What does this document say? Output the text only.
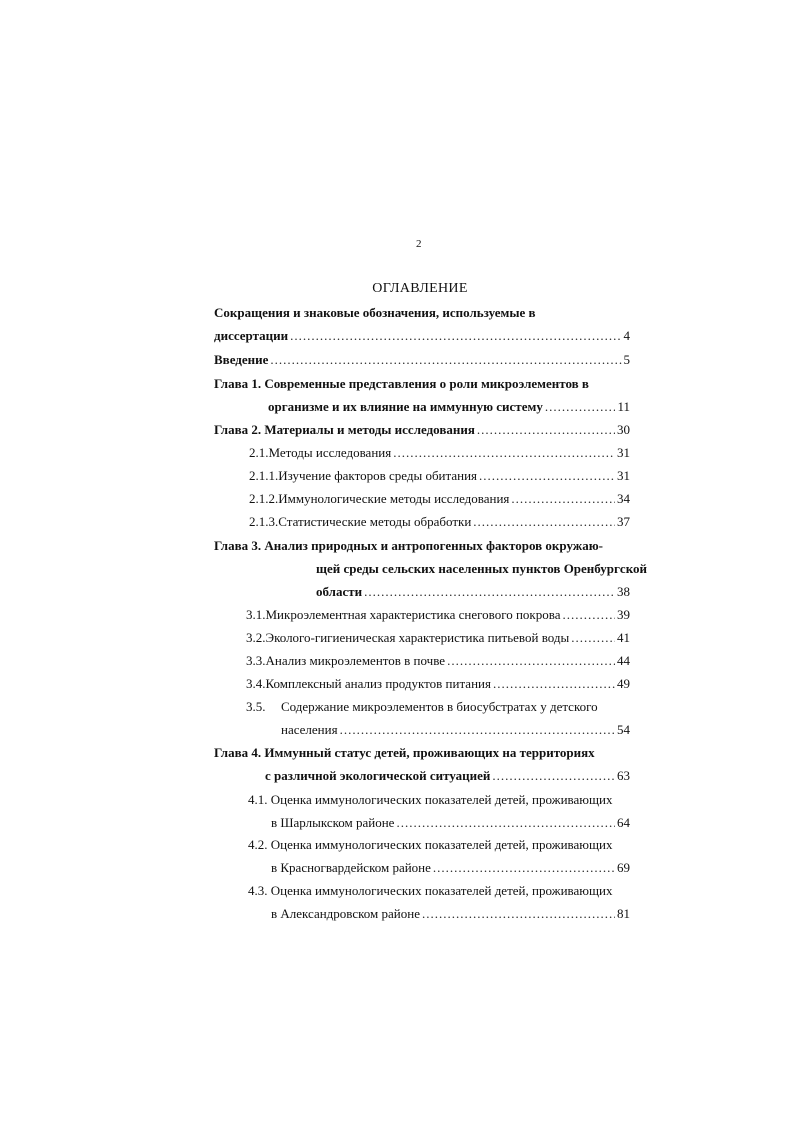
2
ОГЛАВЛЕНИЕ
Сокращения и знаковые обозначения, используемые в
диссертации .....	4
Введение .....	5
Глава 1. Современные представления о роли микроэлементов в
организме и их влияние на иммунную систему .....	11
Глава 2. Материалы и методы исследования .....	30
2.1. Методы исследования .....	31
2.1.1. Изучение факторов среды обитания .....	31
2.1.2. Иммунологические методы исследования .....	34
2.1.3. Статистические методы обработки .....	37
Глава 3. Анализ природных и антропогенных факторов окружаю-
щей среды сельских населенных пунктов Оренбургской
области .....	38
3.1. Микроэлементная характеристика снегового покрова .....	39
3.2. Эколого-гигиеническая характеристика питьевой воды .....	41
3.3. Анализ микроэлементов в почве .....	44
3.4. Комплексный анализ продуктов питания .....	49
3.5.	Содержание микроэлементов в биосубстратах у детского
населения .....	54
Глава 4. Иммунный статус детей, проживающих на территориях
с различной экологической ситуацией .....	63
4.1. Оценка иммунологических показателей детей, проживающих
в Шарлыкском районе .....	64
4.2. Оценка иммунологических показателей детей, проживающих
в Красногвардейском районе .....	69
4.3. Оценка иммунологических показателей детей, проживающих
в Александровском районе .....	81
